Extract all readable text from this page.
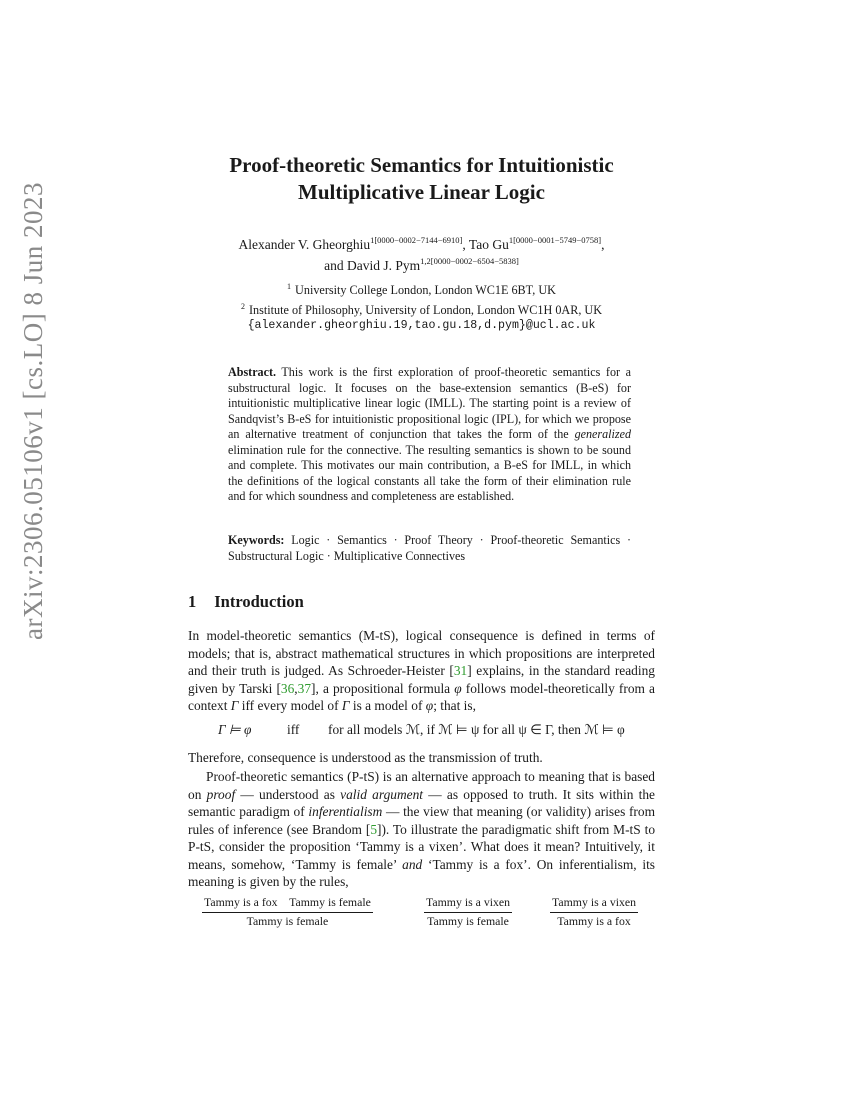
arXiv:2306.05106v1 [cs.LO] 8 Jun 2023
Proof-theoretic Semantics for Intuitionistic
Multiplicative Linear Logic
Alexander V. Gheorghiu$^{1[0000-0002-7144-6910]}$, Tao $Gu^{1[0000-0001-5749-0758]}$,
and David J. Pym$^{1,2[0000-0002-6504-5838]}$
$^1$ University College London, London WC1E 6BT, UK
$^2$ Institute of Philosophy, University of London, London WC1H 0AR, UK
{alexander.gheorghiu.19,tao.gu.18,d.pym}@ucl.ac.uk
Abstract. This work is the first exploration of proof-theoretic semantics for a substructural logic. It focuses on the base-extension semantics (B-eS) for intuitionistic multiplicative linear logic (IMLL). The starting point is a review of Sandqvist’s B-eS for intuitionistic propositional logic (IPL), for which we propose an alternative treatment of conjunction that takes the form of the generalized elimination rule for the connective. The resulting semantics is shown to be sound and complete. This motivates our main contribution, a B-eS for IMLL, in which the definitions of the logical constants all take the form of their elimination rule and for which soundness and completeness are established.
Keywords: Logic · Semantics · Proof Theory · Proof-theoretic Semantics · Substructural Logic · Multiplicative Connectives
1 Introduction
In model-theoretic semantics (M-tS), logical consequence is defined in terms of models; that is, abstract mathematical structures in which propositions are interpreted and their truth is judged. As Schroeder-Heister [31] explains, in the standard reading given by Tarski [36,37], a propositional formula φ follows model-theoretically from a context Γ iff every model of Γ is a model of φ; that is,
Γ ⊨ φ	iff for all models ℳ, if ℳ ⊨ ψ for all ψ ∈ Γ, then ℳ ⊨ φ
Therefore, consequence is understood as the transmission of truth.
Proof-theoretic semantics (P-tS) is an alternative approach to meaning that is based on proof — understood as valid argument — as opposed to truth. It sits within the semantic paradigm of inferentialism — the view that meaning (or validity) arises from rules of inference (see Brandom [5]). To illustrate the paradigmatic shift from M-tS to P-tS, consider the proposition ‘Tammy is a vixen’. What does it mean? Intuitively, it means, somehow, ‘Tammy is female’ and ‘Tammy is a fox’. On inferentialism, its meaning is given by the rules,
Tammy is a fox    Tammy is female
Tammy is female
Tammy is a vixen
Tammy is female
Tammy is a vixen
Tammy is a fox
